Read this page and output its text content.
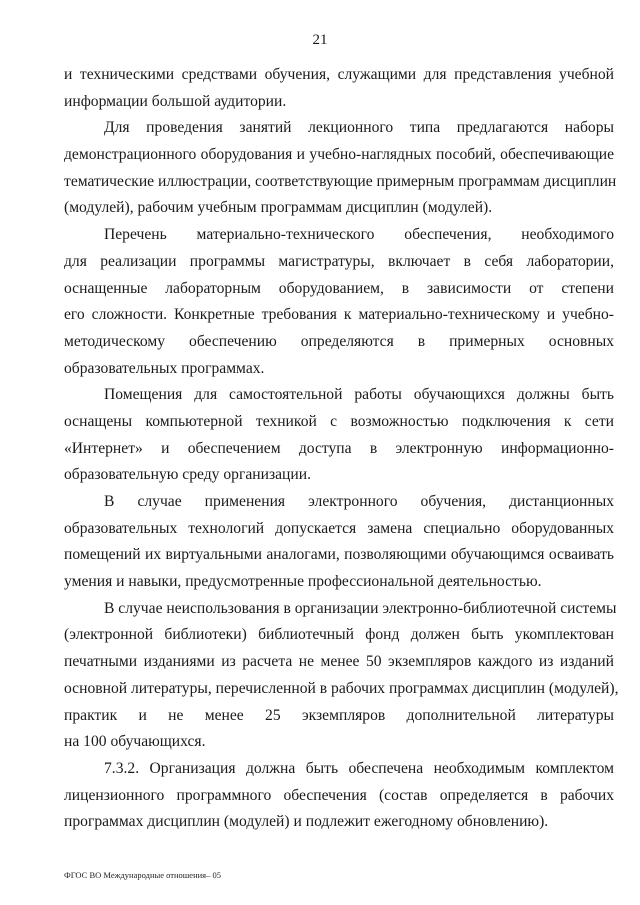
21
и техническими средствами обучения, служащими для представления учебной
информации большой аудитории.
Для проведения занятий лекционного типа предлагаются наборы
демонстрационного оборудования и учебно-наглядных пособий, обеспечивающие
тематические иллюстрации, соответствующие примерным программам дисциплин
(модулей), рабочим учебным программам дисциплин (модулей).
Перечень материально-технического обеспечения, необходимого
для реализации программы магистратуры, включает в себя лаборатории,
оснащенные лабораторным оборудованием, в зависимости от степени
его сложности. Конкретные требования к материально-техническому и учебно-
методическому обеспечению определяются в примерных основных
образовательных программах.
Помещения для самостоятельной работы обучающихся должны быть
оснащены компьютерной техникой с возможностью подключения к сети
«Интернет» и обеспечением доступа в электронную информационно-
образовательную среду организации.
В случае применения электронного обучения, дистанционных
образовательных технологий допускается замена специально оборудованных
помещений их виртуальными аналогами, позволяющими обучающимся осваивать
умения и навыки, предусмотренные профессиональной деятельностью.
В случае неиспользования в организации электронно-библиотечной системы
(электронной библиотеки) библиотечный фонд должен быть укомплектован
печатными изданиями из расчета не менее 50 экземпляров каждого из изданий
основной литературы, перечисленной в рабочих программах дисциплин (модулей),
практик и не менее 25 экземпляров дополнительной литературы
на 100 обучающихся.
7.3.2. Организация должна быть обеспечена необходимым комплектом
лицензионного программного обеспечения (состав определяется в рабочих
программах дисциплин (модулей) и подлежит ежегодному обновлению).
ФГОС ВО Международные отношения– 05
